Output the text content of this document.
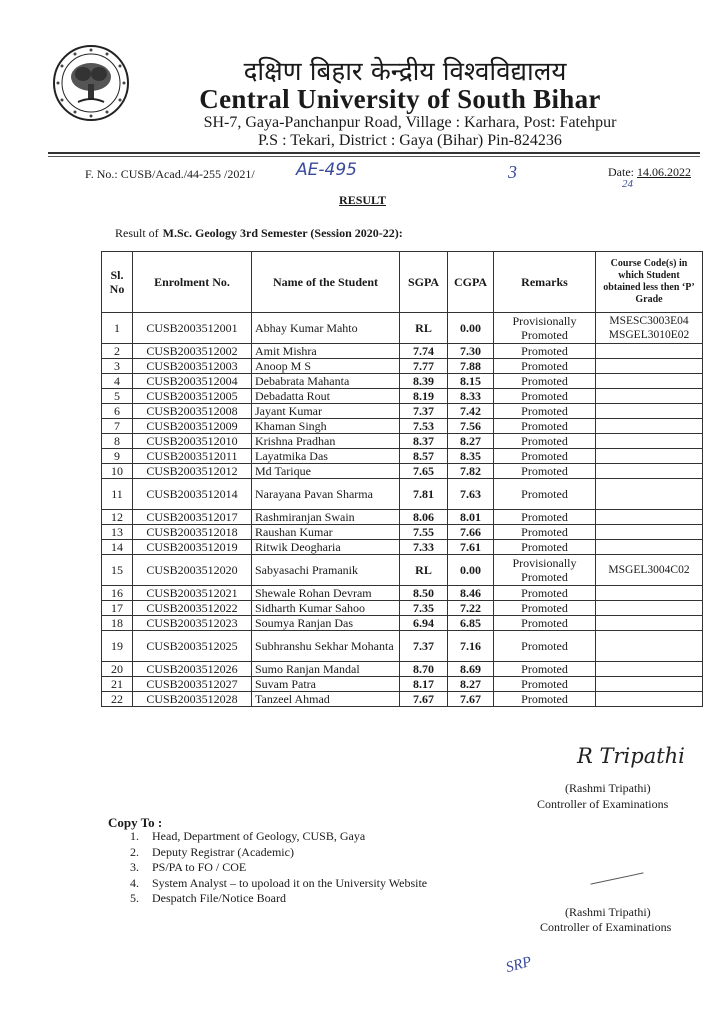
दक्षिण बिहार केन्द्रीय विश्वविद्यालय
Central University of South Bihar
SH-7, Gaya-Panchanpur Road, Village : Karhara, Post: Fatehpur
P.S : Tekari, District : Gaya (Bihar) Pin-824236
F. No.: CUSB/Acad./44-255 /2021/ AE-495	3	Date: 14.06.2022
24
RESULT
Result of M.Sc. Geology 3rd Semester (Session 2020-22):
Sl. No	Enrolment No.	Name of the Student	SGPA	CGPA	Remarks	Course Code(s) in which Student obtained less then ‘P’ Grade
1	CUSB2003512001	Abhay Kumar Mahto	RL	0.00	Provisionally Promoted	MSESC3003E04 MSGEL3010E02
2	CUSB2003512002	Amit Mishra	7.74	7.30	Promoted	
3	CUSB2003512003	Anoop M S	7.77	7.88	Promoted	
4	CUSB2003512004	Debabrata Mahanta	8.39	8.15	Promoted	
5	CUSB2003512005	Debadatta Rout	8.19	8.33	Promoted	
6	CUSB2003512008	Jayant Kumar	7.37	7.42	Promoted	
7	CUSB2003512009	Khaman Singh	7.53	7.56	Promoted	
8	CUSB2003512010	Krishna Pradhan	8.37	8.27	Promoted	
9	CUSB2003512011	Layatmika Das	8.57	8.35	Promoted	
10	CUSB2003512012	Md Tarique	7.65	7.82	Promoted	
11	CUSB2003512014	Narayana Pavan Sharma	7.81	7.63	Promoted	
12	CUSB2003512017	Rashmiranjan Swain	8.06	8.01	Promoted	
13	CUSB2003512018	Raushan Kumar	7.55	7.66	Promoted	
14	CUSB2003512019	Ritwik Deogharia	7.33	7.61	Promoted	
15	CUSB2003512020	Sabyasachi Pramanik	RL	0.00	Provisionally Promoted	MSGEL3004C02
16	CUSB2003512021	Shewale Rohan Devram	8.50	8.46	Promoted	
17	CUSB2003512022	Sidharth Kumar Sahoo	7.35	7.22	Promoted	
18	CUSB2003512023	Soumya Ranjan Das	6.94	6.85	Promoted	
19	CUSB2003512025	Subhranshu Sekhar Mohanta	7.37	7.16	Promoted	
20	CUSB2003512026	Sumo Ranjan Mandal	8.70	8.69	Promoted	
21	CUSB2003512027	Suvam Patra	8.17	8.27	Promoted	
22	CUSB2003512028	Tanzeel Ahmad	7.67	7.67	Promoted	
R Tripathi
(Rashmi Tripathi)
Controller of Examinations
Copy To :
1. Head, Department of Geology, CUSB, Gaya
2. Deputy Registrar (Academic)
3. PS/PA to FO / COE
4. System Analyst – to upoload it on the University Website
5. Despatch File/Notice Board
(Rashmi Tripathi)
Controller of Examinations
SRP
